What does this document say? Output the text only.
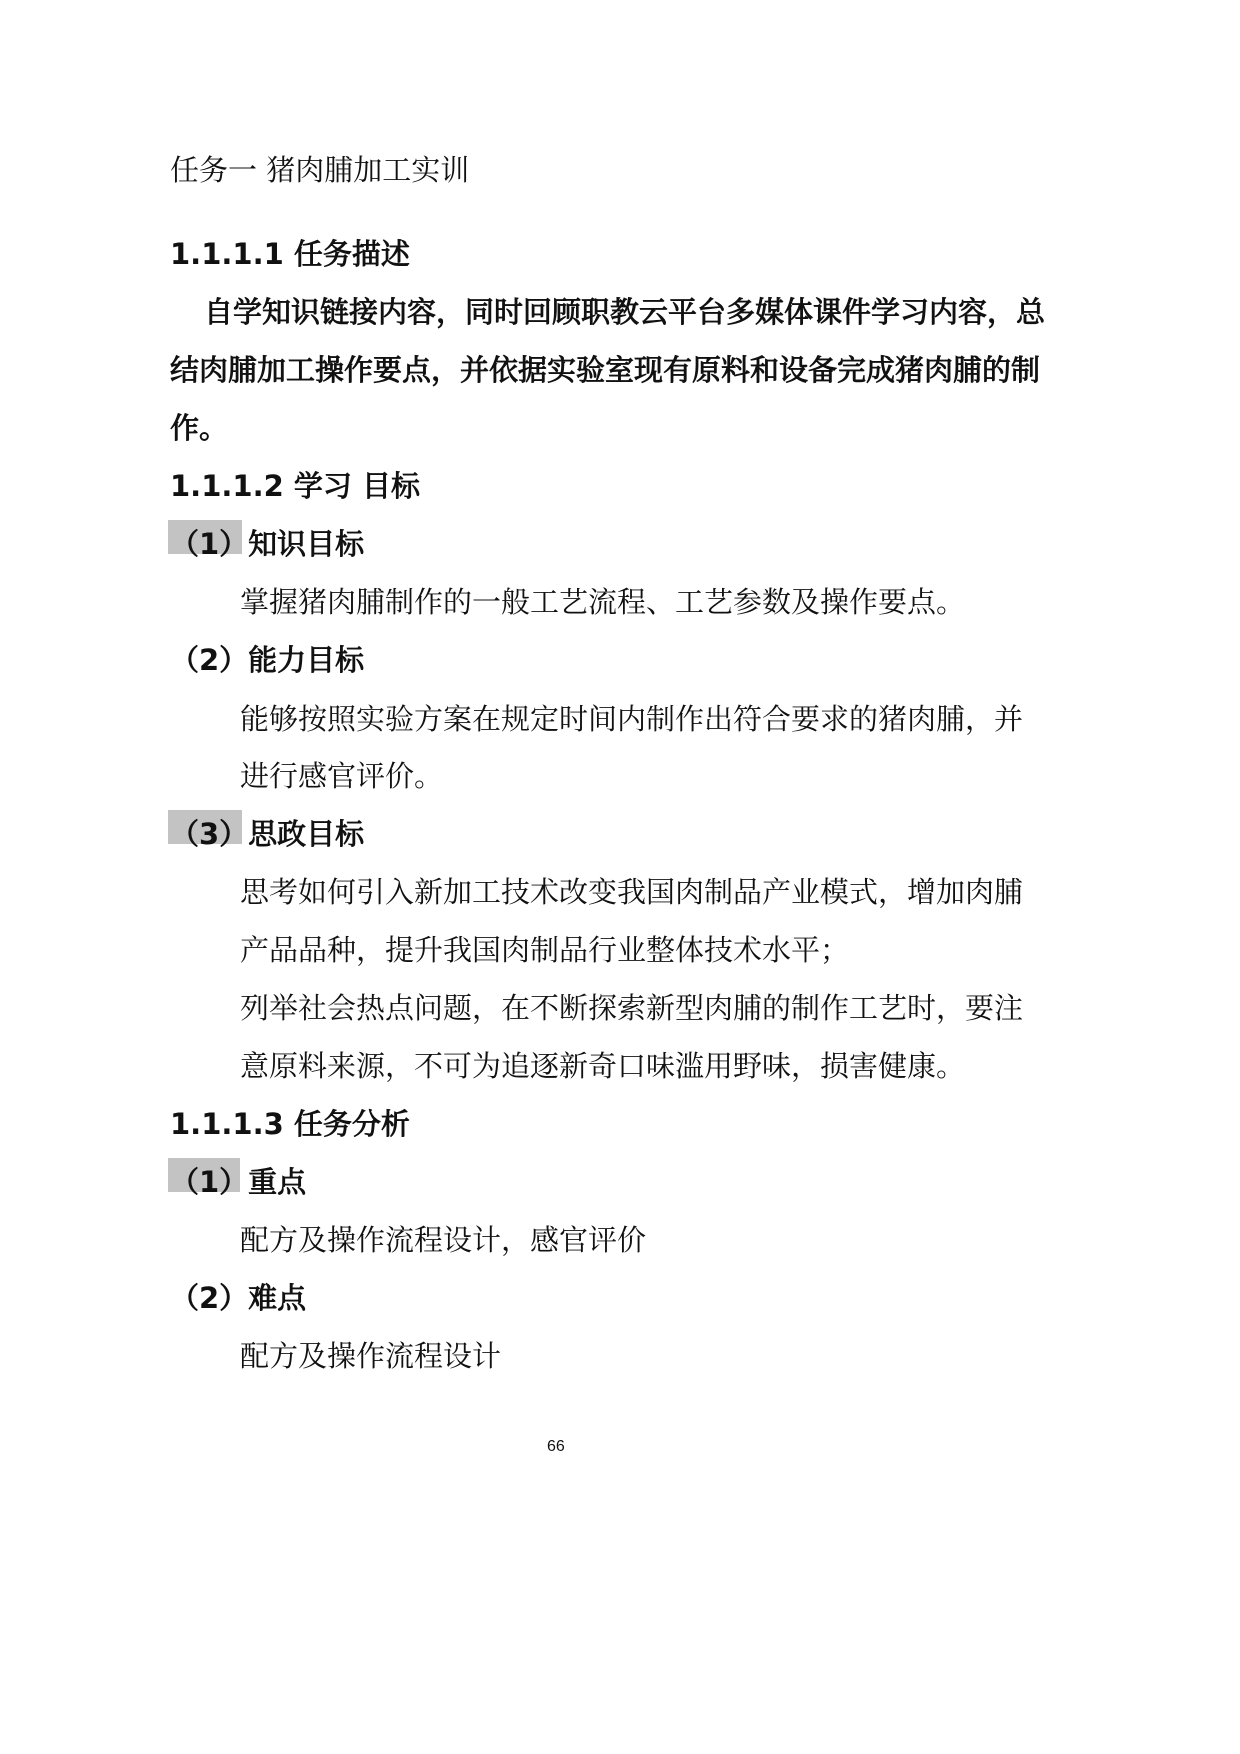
任务一 猪肉脯加工实训
1.1.1.1 任务描述
自学知识链接内容，同时回顾职教云平台多媒体课件学习内容，总
结肉脯加工操作要点，并依据实验室现有原料和设备完成猪肉脯的制
作。
1.1.1.2 学习 目标
（1）知识目标
掌握猪肉脯制作的一般工艺流程、工艺参数及操作要点。
（2）能力目标
能够按照实验方案在规定时间内制作出符合要求的猪肉脯，并
进行感官评价。
（3）思政目标
思考如何引入新加工技术改变我国肉制品产业模式，增加肉脯
产品品种，提升我国肉制品行业整体技术水平；
列举社会热点问题，在不断探索新型肉脯的制作工艺时，要注
意原料来源，不可为追逐新奇口味滥用野味，损害健康。
1.1.1.3 任务分析
（1）重点
配方及操作流程设计，感官评价
（2）难点
配方及操作流程设计
66
